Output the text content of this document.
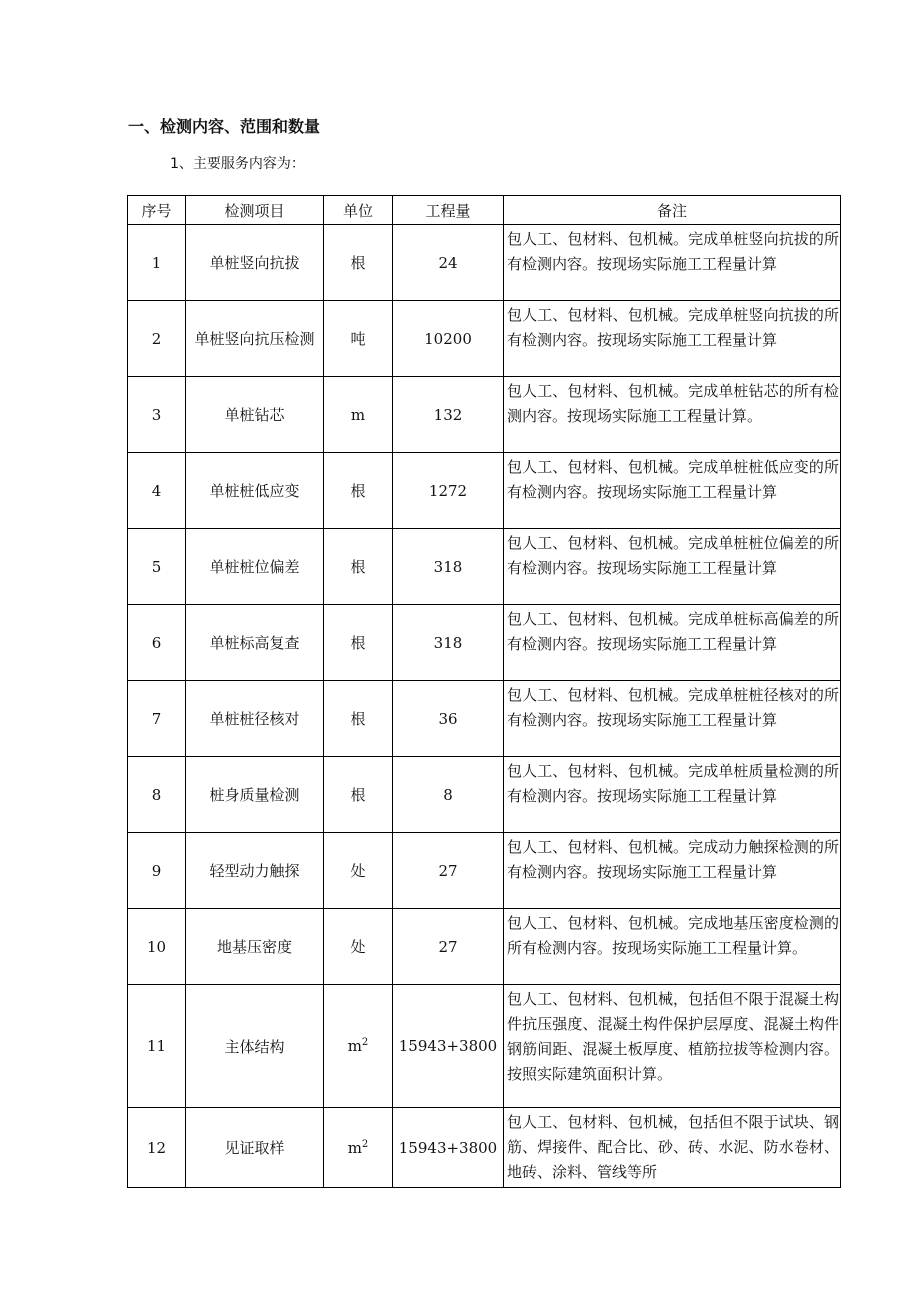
一、检测内容、范围和数量
1、主要服务内容为：
序号	检测项目	单位	工程量	备注
1	单桩竖向抗拔	根	24	包人工、包材料、包机械。完成单桩竖向抗拔的所有检测内容。按现场实际施工工程量计算
2	单桩竖向抗压检测	吨	10200	包人工、包材料、包机械。完成单桩竖向抗拔的所有检测内容。按现场实际施工工程量计算
3	单桩钻芯	m	132	包人工、包材料、包机械。完成单桩钻芯的所有检测内容。按现场实际施工工程量计算。
4	单桩桩低应变	根	1272	包人工、包材料、包机械。完成单桩桩低应变的所有检测内容。按现场实际施工工程量计算
5	单桩桩位偏差	根	318	包人工、包材料、包机械。完成单桩桩位偏差的所有检测内容。按现场实际施工工程量计算
6	单桩标高复查	根	318	包人工、包材料、包机械。完成单桩标高偏差的所有检测内容。按现场实际施工工程量计算
7	单桩桩径核对	根	36	包人工、包材料、包机械。完成单桩桩径核对的所有检测内容。按现场实际施工工程量计算
8	桩身质量检测	根	8	包人工、包材料、包机械。完成单桩质量检测的所有检测内容。按现场实际施工工程量计算
9	轻型动力触探	处	27	包人工、包材料、包机械。完成动力触探检测的所有检测内容。按现场实际施工工程量计算
10	地基压密度	处	27	包人工、包材料、包机械。完成地基压密度检测的所有检测内容。按现场实际施工工程量计算。
11	主体结构	$m^2$	15943+3800	包人工、包材料、包机械，包括但不限于混凝土构件抗压强度、混凝土构件保护层厚度、混凝土构件钢筋间距、混凝土板厚度、植筋拉拔等检测内容。按照实际建筑面积计算。
12	见证取样	$m^2$	15943+3800	包人工、包材料、包机械，包括但不限于试块、钢筋、焊接件、配合比、砂、砖、水泥、防水卷材、地砖、涂料、管线等所
